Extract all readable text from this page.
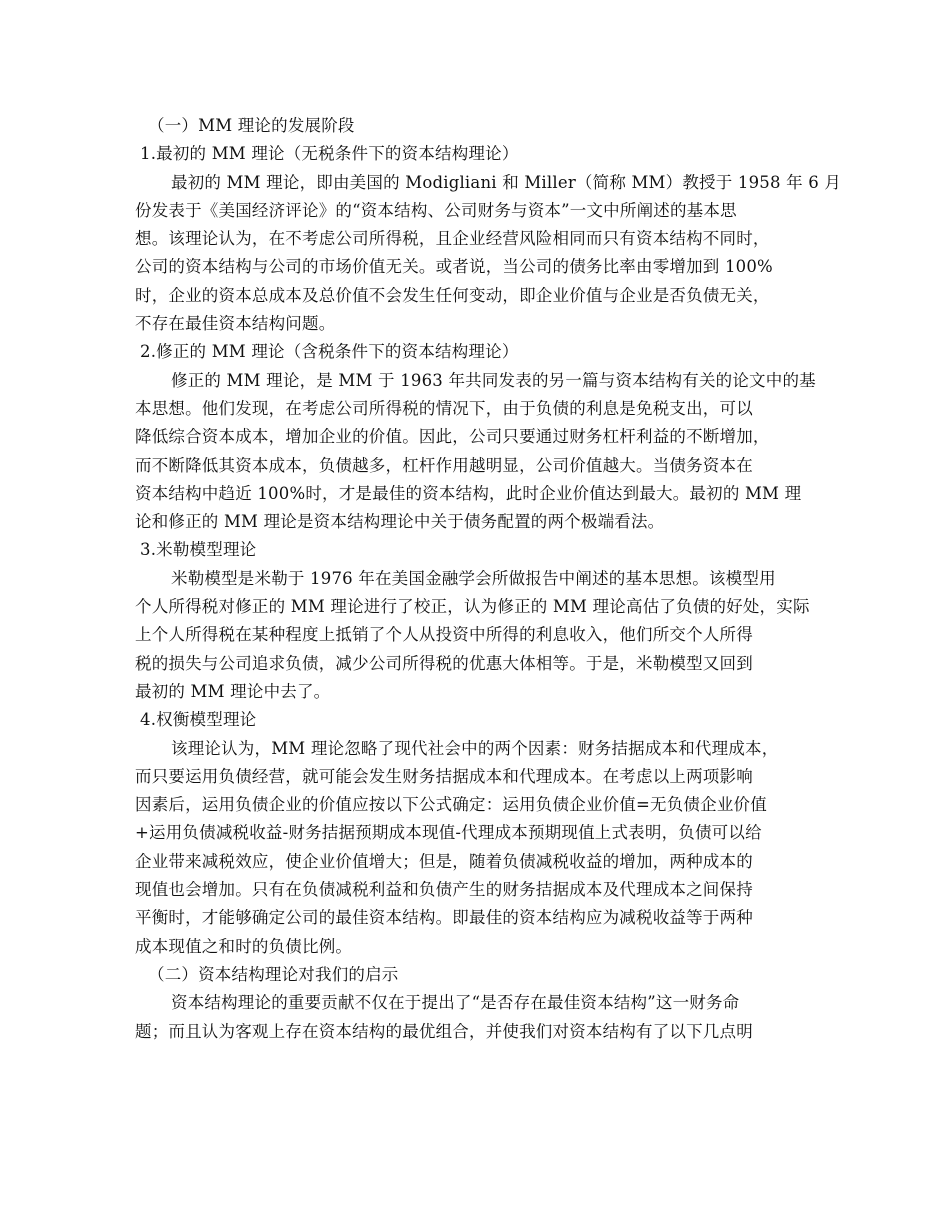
（一）MM 理论的发展阶段
1.最初的 MM 理论（无税条件下的资本结构理论）
最初的 MM 理论，即由美国的 Modigliani 和 Miller（简称 MM）教授于 1958 年 6 月
份发表于《美国经济评论》的“资本结构、公司财务与资本”一文中所阐述的基本思
想。该理论认为，在不考虑公司所得税，且企业经营风险相同而只有资本结构不同时，
公司的资本结构与公司的市场价值无关。或者说，当公司的债务比率由零增加到 100%
时，企业的资本总成本及总价值不会发生任何变动，即企业价值与企业是否负债无关，
不存在最佳资本结构问题。
2.修正的 MM 理论（含税条件下的资本结构理论）
修正的 MM 理论，是 MM 于 1963 年共同发表的另一篇与资本结构有关的论文中的基
本思想。他们发现，在考虑公司所得税的情况下，由于负债的利息是免税支出，可以
降低综合资本成本，增加企业的价值。因此，公司只要通过财务杠杆利益的不断增加，
而不断降低其资本成本，负债越多，杠杆作用越明显，公司价值越大。当债务资本在
资本结构中趋近 100%时，才是最佳的资本结构，此时企业价值达到最大。最初的 MM 理
论和修正的 MM 理论是资本结构理论中关于债务配置的两个极端看法。
3.米勒模型理论
米勒模型是米勒于 1976 年在美国金融学会所做报告中阐述的基本思想。该模型用
个人所得税对修正的 MM 理论进行了校正，认为修正的 MM 理论高估了负债的好处，实际
上个人所得税在某种程度上抵销了个人从投资中所得的利息收入，他们所交个人所得
税的损失与公司追求负债，减少公司所得税的优惠大体相等。于是，米勒模型又回到
最初的 MM 理论中去了。
4.权衡模型理论
该理论认为，MM 理论忽略了现代社会中的两个因素：财务拮据成本和代理成本，
而只要运用负债经营，就可能会发生财务拮据成本和代理成本。在考虑以上两项影响
因素后，运用负债企业的价值应按以下公式确定：运用负债企业价值=无负债企业价值
+运用负债减税收益-财务拮据预期成本现值-代理成本预期现值上式表明，负债可以给
企业带来减税效应，使企业价值增大；但是，随着负债减税收益的增加，两种成本的
现值也会增加。只有在负债减税利益和负债产生的财务拮据成本及代理成本之间保持
平衡时，才能够确定公司的最佳资本结构。即最佳的资本结构应为减税收益等于两种
成本现值之和时的负债比例。
（二）资本结构理论对我们的启示
资本结构理论的重要贡献不仅在于提出了“是否存在最佳资本结构”这一财务命
题；而且认为客观上存在资本结构的最优组合，并使我们对资本结构有了以下几点明
